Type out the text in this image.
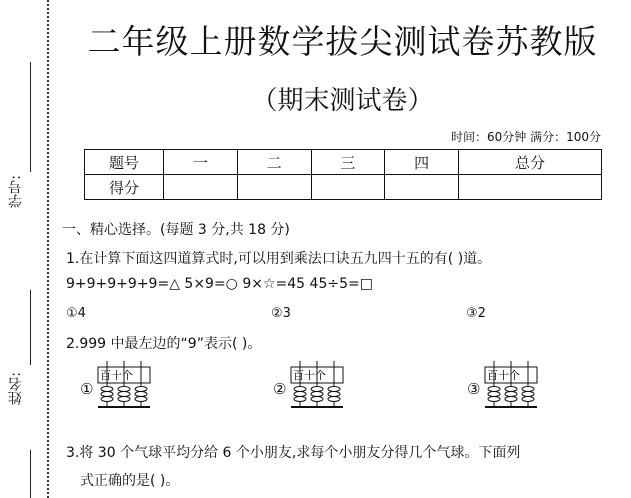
学号:
姓名:
二年级上册数学拔尖测试卷苏教版
（期末测试卷）
时间：60分钟 满分：100分
题号	一	二	三	四	总分
得分					
一、精心选择。(每题 3 分,共 18 分)
1.在计算下面这四道算式时,可以用到乘法口诀五九四十五的有( )道。
9+9+9+9+9=△ 5×9=○ 9×☆=45 45÷5=□
①4	②3	③2
2.999 中最左边的“9”表示( )。
①
百十个
②
百十个
③
百十个
3.将 30 个气球平均分给 6 个小朋友,求每个小朋友分得几个气球。下面列
式正确的是( )。
